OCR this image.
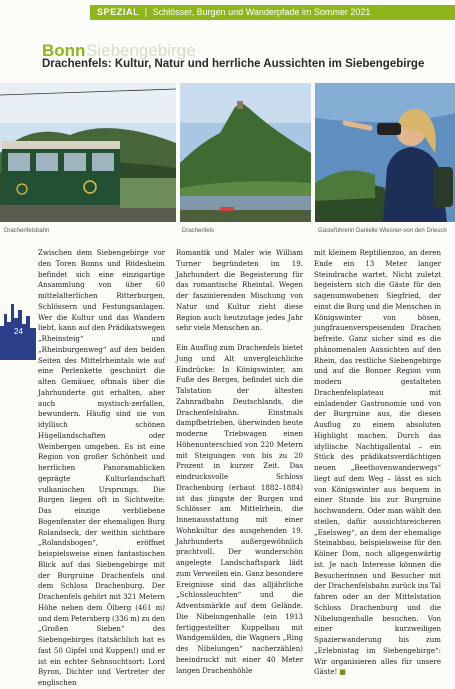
SPEZIAL | Schlösser, Burgen und Wanderpfade im Sommer 2021
Siebengebirge
Bonn
Drachenfels: Kultur, Natur und herrliche Aussichten im Siebengebirge
Drachenfelsbahn	Drachenfels	Gästeführerin Danielle Wiesner-von den Driesch
24

Zwischen dem Siebengebirge vor den Toren Bonns und Rüdesheim befindet sich eine einzigartige Ansammlung von über 60 mittelalterlichen Ritterburgen, Schlössern und Festungsanlagen. Wer die Kultur und das Wandern liebt, kann auf den Prädikatswegen „Rheinsteig“ und „Rheinburgenweg“ auf den beiden Seiten des Mittelrheintals wie auf eine Perlenkette geschnürt die alten Gemäuer, oftmals über die Jahrhunderte gut erhalten, aber auch mystisch-zerfallen, bewundern. Häufig sind sie von idyllisch schönen Hügellandschaften oder Weinbergen umgeben. Es ist eine Region von großer Schönheit und herrlichen Panoramablicken geprägte Kulturlandschaft vulkanischen Ursprungs. Die Burgen liegen oft in Sichtweite: Das einzige verbliebene Bogenfenster der ehemaligen Burg Rolandseck, der weithin sichtbare „Rolandsbogen“, eröffnet beispielsweise einen fantastischen Blick auf das Siebengebirge mit der Burgruine Drachenfels und dem Schloss Drachenburg. Der Drachenfels gehört mit 321 Metern Höhe neben dem Ölberg (461 m) und dem Petersberg (336 m) zu den „Großen Sieben“ des Siebengebirges (tatsächlich hat es fast 50 Gipfel und Kuppen!) und er ist ein echter Sehnsuchtsort: Lord Byron, Dichter und Vertreter der englischen

Romantik und Maler wie William Turner begründeten im 19. Jahrhundert die Begeisterung für das romantische Rheintal. Wegen der faszinierenden Mischung von Natur und Kultur zieht diese Region auch heutzutage jedes Jahr sehr viele Menschen an.

Ein Ausflug zum Drachenfels bietet Jung und Alt unvergleichliche Eindrücke: In Königswinter, am Fuße des Berges, befindet sich die Talstation der ältesten Zahnradbahn Deutschlands, die Drachenfelsbahn. Einstmals dampfbetrieben, überwinden heute moderne Triebwagen einen Höhenunterschied von 220 Metern mit Steigungen von bis zu 20 Prozent in kurzer Zeit. Das eindrucksvolle Schloss Drachenburg (erbaut 1882–1884) ist das jüngste der Burgen und Schlösser am Mittelrhein, die Innenausstattung mit einer Wohnkultur des ausgehenden 19. Jahrhunderts außergewöhnlich prachtvoll. Der wunderschön angelegte Landschaftspark lädt zum Verweilen ein. Ganz besondere Ereignisse sind das alljährliche „Schlossleuchten“ und die Adventsmärkte auf dem Gelände. Die Nibelungenhalle (ein 1913 fertiggestellter Kuppelbau mit Wandgemälden, die Wagners „Ring des Nibelungen“ nacherzählen) beeindruckt mit einer 40 Meter langen Drachenhöhle

mit kleinem Reptilienzoo, an deren Ende ein 13 Meter langer Steindrache wartet. Nicht zuletzt begeistern sich die Gäste für den sagenumwobenen Siegfried, der einst die Burg und die Menschen in Königswinter von bösen, jungfrauenverspeisenden Drachen befreite. Ganz sicher sind es die phänomenalen Aussichten auf den Rhein, das restliche Siebengebirge und auf die Bonner Region vom modern gestalteten Drachenfelsplateau mit einladender Gastronomie und von der Burgruine aus, die diesen Ausflug zu einem absoluten Highlight machen. Durch das idyllische Nachtigallental – ein Stück des prädikatsverdächtigen neuen „Beethovenwanderwegs“ liegt auf dem Weg – lässt es sich von Königswinter aus bequem in einer Stunde bis zur Burgruine hochwandern. Oder man wählt den steilen, dafür aussichtsreicheren „Eselsweg“, an dem der ehemalige Steinabbau, beispielsweise für den Kölner Dom, noch allgegenwärtig ist. Je nach Interesse können die Besucherinnen und Besucher mit der Drachenfelsbahn zurück ins Tal fahren oder an der Mittelstation Schloss Drachenburg und die Nibelungenhalle besuchen. Von einer kurzweiligen Spazierwanderung bis zum „Erlebnistag im Siebengebirge“: Wir organisieren alles für unsere Gäste! ■
